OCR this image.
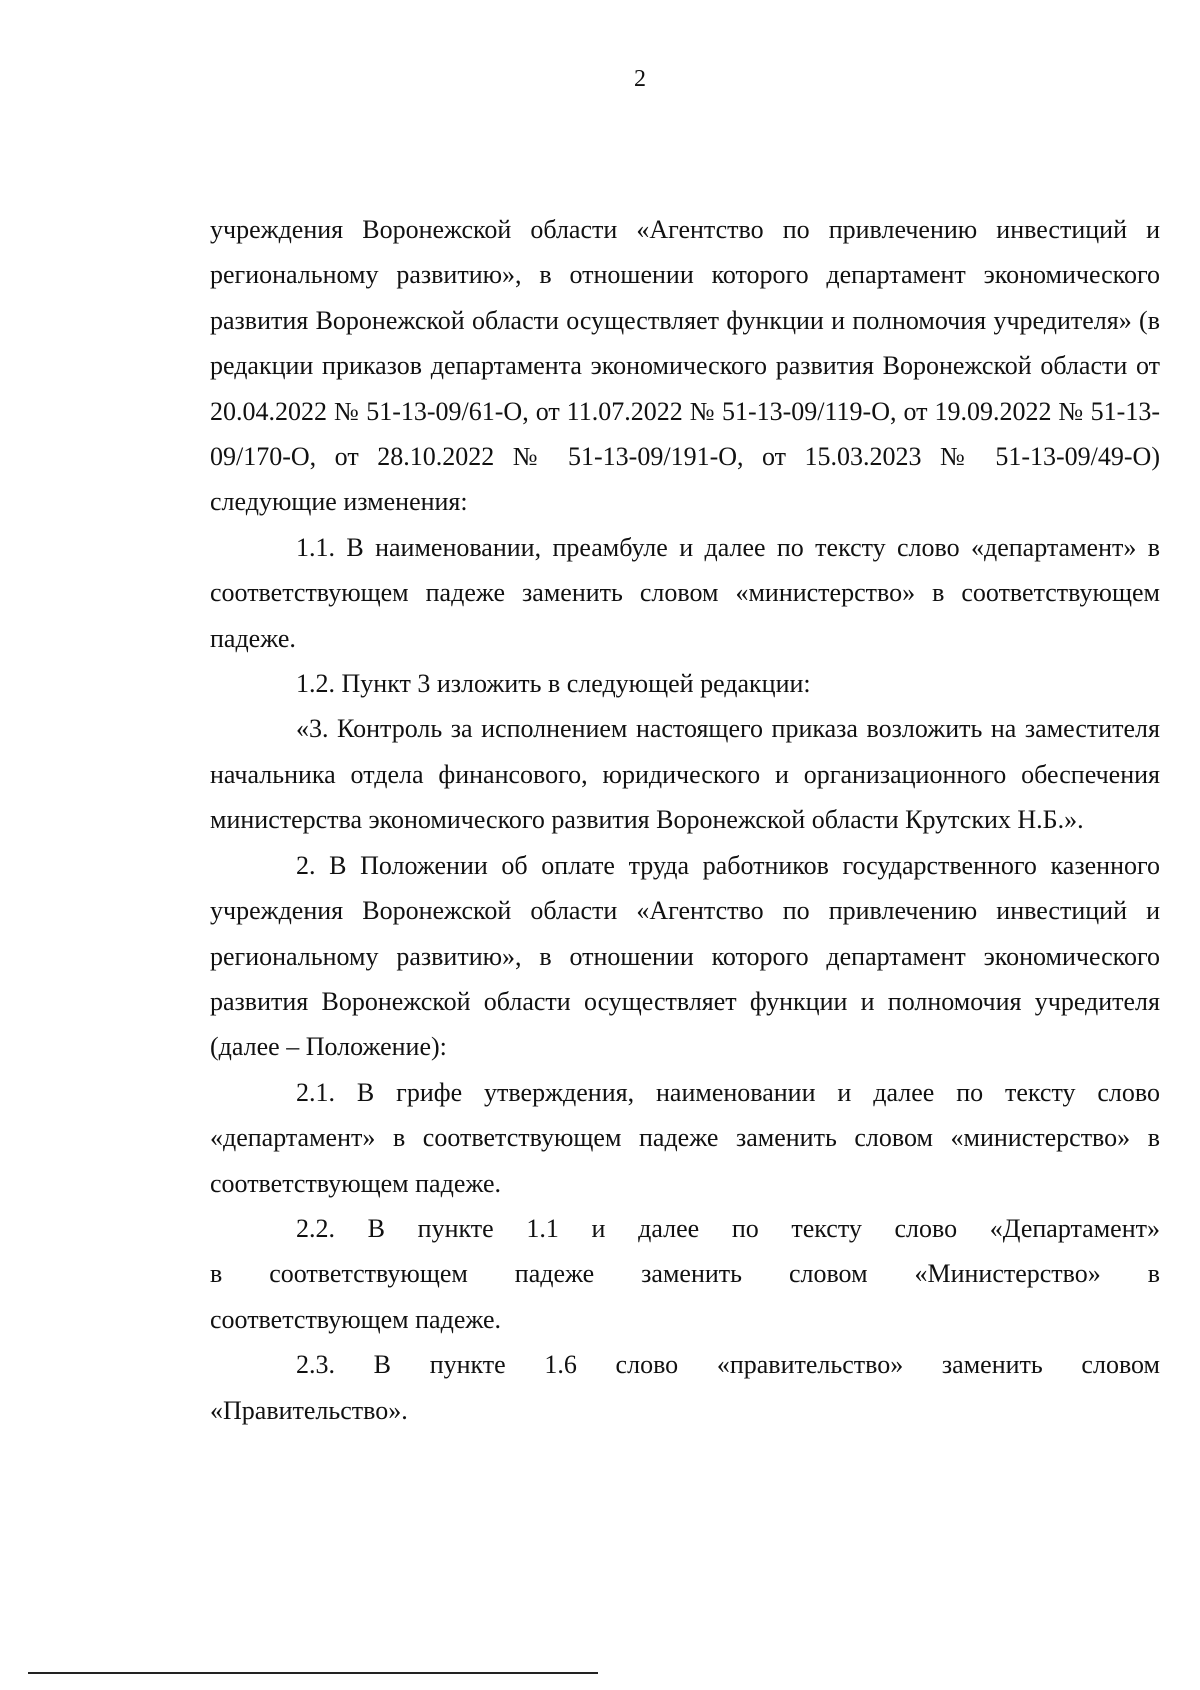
2

учреждения Воронежской области «Агентство по привлечению инвестиций и региональному развитию», в отношении которого департамент экономического развития Воронежской области осуществляет функции и полномочия учредителя» (в редакции приказов департамента экономического развития Воронежской области от 20.04.2022 № 51-13-09/61-О, от 11.07.2022 № 51-13-09/119-О, от 19.09.2022 № 51-13-09/170-О, от 28.10.2022 № 51-13-09/191-О, от 15.03.2023 № 51-13-09/49-О) следующие изменения:

1.1. В наименовании, преамбуле и далее по тексту слово «департамент» в соответствующем падеже заменить словом «министерство» в соответствующем падеже.

1.2. Пункт 3 изложить в следующей редакции:

«3. Контроль за исполнением настоящего приказа возложить на заместителя начальника отдела финансового, юридического и организационного обеспечения министерства экономического развития Воронежской области Крутских Н.Б.».

2. В Положении об оплате труда работников государственного казенного учреждения Воронежской области «Агентство по привлечению инвестиций и региональному развитию», в отношении которого департамент экономического развития Воронежской области осуществляет функции и полномочия учредителя (далее – Положение):

2.1. В грифе утверждения, наименовании и далее по тексту слово «департамент» в соответствующем падеже заменить словом «министерство» в соответствующем падеже.

2.2. В пункте 1.1 и далее по тексту слово «Департамент»

в соответствующем падеже заменить словом «Министерство» в

соответствующем падеже.

2.3. В пункте 1.6 слово «правительство» заменить словом

«Правительство».
